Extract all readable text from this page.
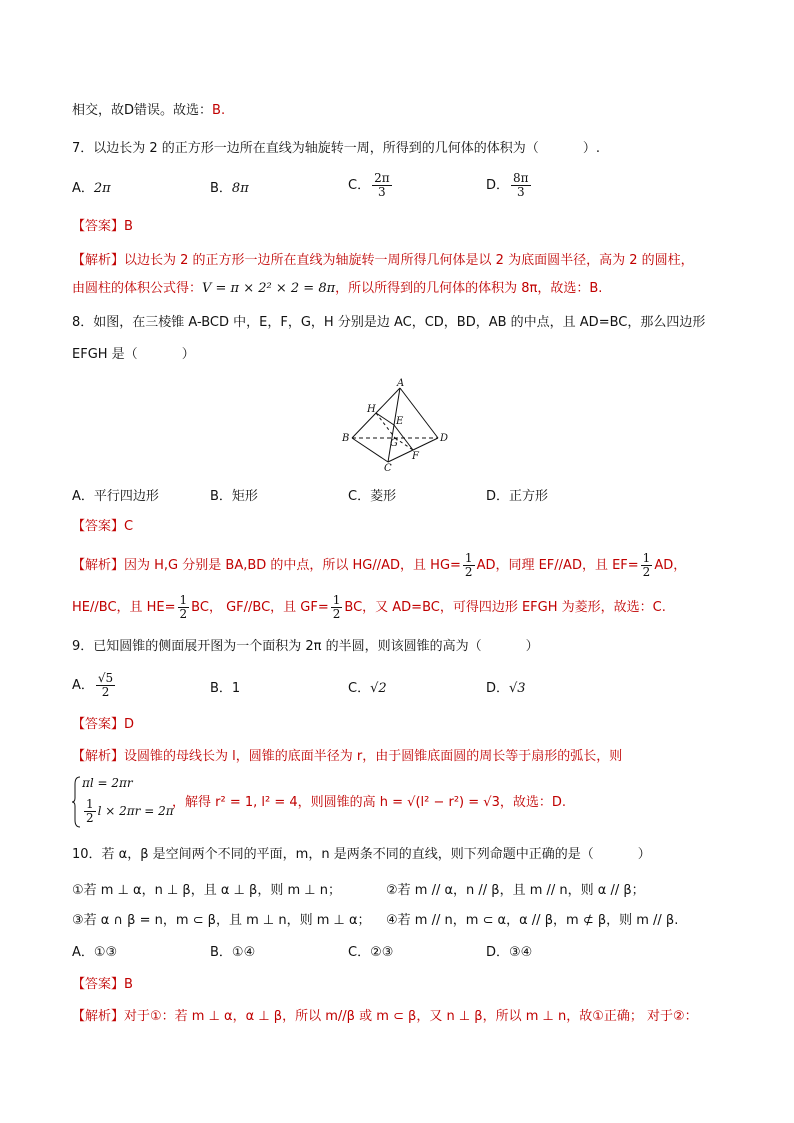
相交，故D错误。故选：B.
7．以边长为 2 的正方形一边所在直线为轴旋转一周，所得到的几何体的体积为（	）.
A．2π	B．8π	C． $\frac{2\pi}{3}$	D． $\frac{8\pi}{3}$
【答案】B
【解析】以边长为 2 的正方形一边所在直线为轴旋转一周所得几何体是以 2 为底面圆半径，高为 2 的圆柱，
由圆柱的体积公式得：V = π × 2² × 2 = 8π，所以所得到的几何体的体积为 8π，故选：B.
8．如图，在三棱锥 A-BCD 中，E，F，G，H 分别是边 AC，CD，BD，AB 的中点，且 AD=BC，那么四边形
EFGH 是（	）
A
B
C
D
E
F
G
H
A．平行四边形	B．矩形	C．菱形	D．正方形
【答案】C
【解析】因为 H,G 分别是 BA,BD 的中点，所以 HG//AD，且 $HG= \frac{1}{2}$ AD，同理 EF//AD，且 $EF= \frac{1}{2}$ AD，
HE//BC，且 $HE= \frac{1}{2}$ BC， GF//BC，且 $GF= \frac{1}{2}$ BC，又 AD=BC，可得四边形 EFGH 为菱形，故选：C.
9．已知圆锥的侧面展开图为一个面积为 2π 的半圆，则该圆锥的高为（	）
A． $\frac{√5}{2}$	B．1	C．√2	D．√3
【答案】D
【解析】设圆锥的母线长为 l，圆锥的底面半径为 r，由于圆锥底面圆的周长等于扇形的弧长，则
πl = 2πr
$\frac{1}{2}$ l × 2πr = 2π
，解得 r² = 1, l² = 4，则圆锥的高 h = √(l² − r²) = √3，故选：D.
10．若 α，β 是空间两个不同的平面，m，n 是两条不同的直线，则下列命题中正确的是（	）
①若 m ⊥ α，n ⊥ β，且 α ⊥ β，则 m ⊥ n；	②若 m // α，n // β，且 m // n，则 α // β；
③若 α ∩ β = n，m ⊂ β，且 m ⊥ n，则 m ⊥ α； ④若 m // n，m ⊂ α，α // β，m ⊄ β，则 m // β.
A．①③	B．①④	C．②③	D．③④
【答案】B
【解析】对于①：若 m ⊥ α，α ⊥ β，所以 m//β 或 m ⊂ β，又 n ⊥ β，所以 m ⊥ n，故①正确； 对于②：
